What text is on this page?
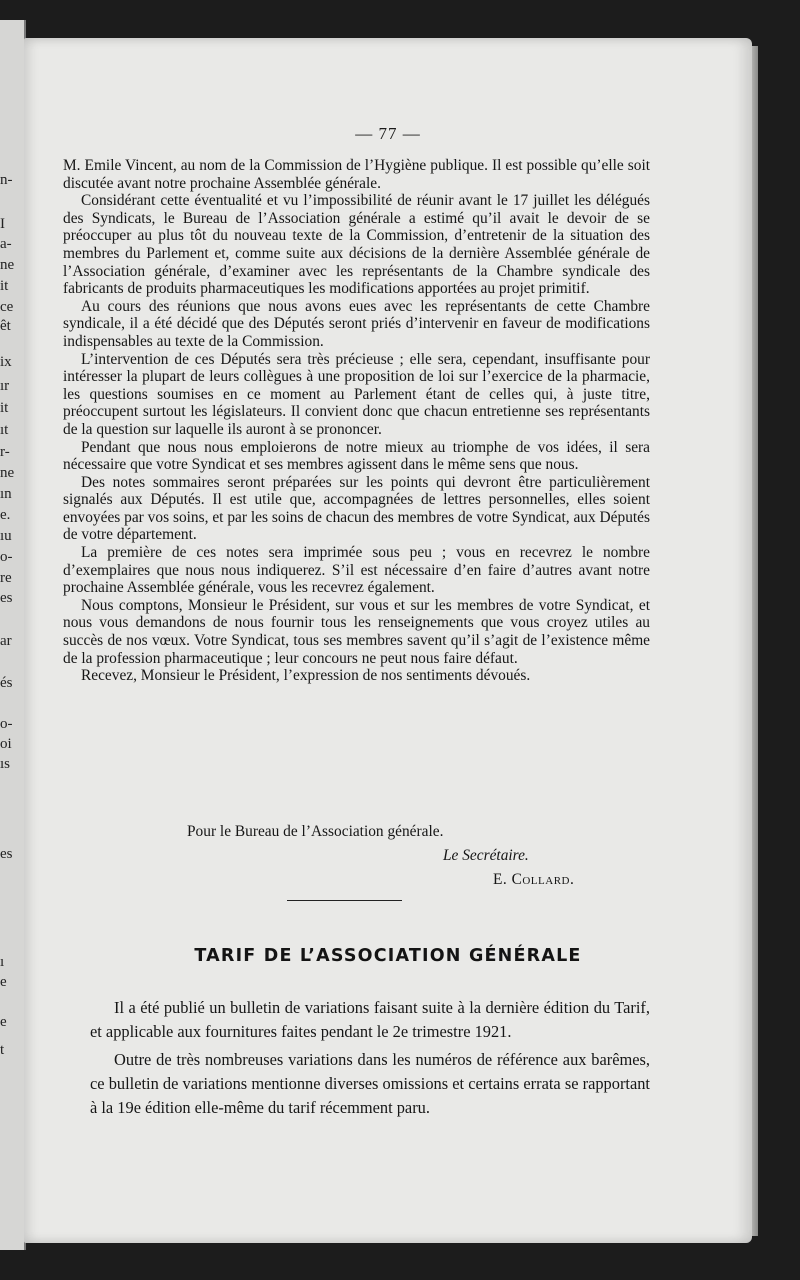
n-
I
a-
ne
it
ce
êt
ix
ır
it
ıt
r-
ne
ın
e.
ıu
o-
re
es
ar
és
o-
oi
ıs
es
ı
e
e
t
— 77 —

M. Emile Vincent, au nom de la Commission de l’Hygiène publique. Il est possible qu’elle soit discutée avant notre prochaine Assemblée générale.

Considérant cette éventualité et vu l’impossibilité de réunir avant le 17 juillet les délégués des Syndicats, le Bureau de l’Association générale a estimé qu’il avait le devoir de se préoccuper au plus tôt du nouveau texte de la Commission, d’entretenir de la situation des membres du Parlement et, comme suite aux décisions de la dernière Assemblée générale de l’Association générale, d’examiner avec les représentants de la Chambre syndicale des fabricants de produits pharmaceutiques les modifications apportées au projet primitif.

Au cours des réunions que nous avons eues avec les représentants de cette Chambre syndicale, il a été décidé que des Députés seront priés d’intervenir en faveur de modifications indispensables au texte de la Commission.

L’intervention de ces Députés sera très précieuse ; elle sera, cependant, insuffisante pour intéresser la plupart de leurs collègues à une proposition de loi sur l’exercice de la pharmacie, les questions soumises en ce moment au Parlement étant de celles qui, à juste titre, préoccupent surtout les législateurs. Il convient donc que chacun entretienne ses représentants de la question sur laquelle ils auront à se prononcer.

Pendant que nous nous emploierons de notre mieux au triomphe de vos idées, il sera nécessaire que votre Syndicat et ses membres agissent dans le même sens que nous.

Des notes sommaires seront préparées sur les points qui devront être particulièrement signalés aux Députés. Il est utile que, accompagnées de lettres personnelles, elles soient envoyées par vos soins, et par les soins de chacun des membres de votre Syndicat, aux Députés de votre département.

La première de ces notes sera imprimée sous peu ; vous en recevrez le nombre d’exemplaires que nous nous indiquerez. S’il est nécessaire d’en faire d’autres avant notre prochaine Assemblée générale, vous les recevrez également.

Nous comptons, Monsieur le Président, sur vous et sur les membres de votre Syndicat, et nous vous demandons de nous fournir tous les renseignements que vous croyez utiles au succès de nos vœux. Votre Syndicat, tous ses membres savent qu’il s’agit de l’existence même de la profession pharmaceutique ; leur concours ne peut nous faire défaut.

Recevez, Monsieur le Président, l’expression de nos sentiments dévoués.

Pour le Bureau de l’Association générale.
Le Secrétaire.
E. Collard.
TARIF DE L’ASSOCIATION GÉNÉRALE

Il a été publié un bulletin de variations faisant suite à la dernière édition du Tarif, et applicable aux fournitures faites pendant le 2e trimestre 1921.

Outre de très nombreuses variations dans les numéros de référence aux barêmes, ce bulletin de variations mentionne diverses omissions et certains errata se rapportant à la 19e édition elle-même du tarif récemment paru.
